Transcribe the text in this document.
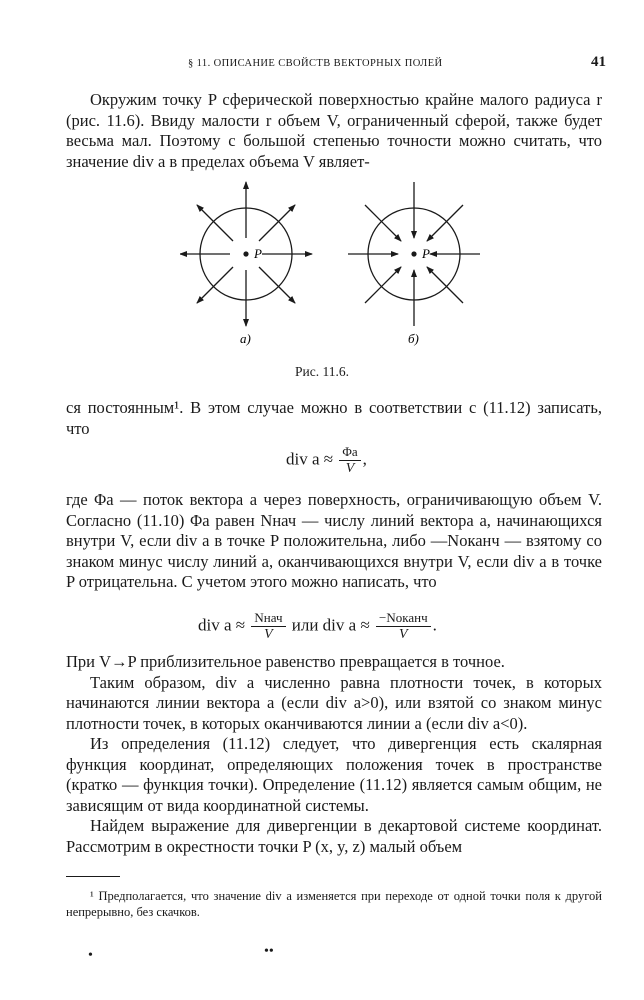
§ 11. ОПИСАНИЕ СВОЙСТВ ВЕКТОРНЫХ ПОЛЕЙ	41

Окружим точку P сферической поверхностью крайне малого радиуса r (рис. 11.6). Ввиду малости r объем V, ограниченный сферой, также будет весьма мал. Поэтому с большой степенью точности можно считать, что значение div a в пределах объема V являет-

P
а)
P
б)
Рис. 11.6.

ся постоянным¹. В этом случае можно в соответствии с (11.12) записать, что

div $a \approx \frac{\Phi a}{V}$ ,

где Φa — поток вектора a через поверхность, ограничивающую объем V. Согласно (11.10) Φa равен Nнач — числу линий вектора a, начинающихся внутри V, если div a в точке P положительна, либо —Nоканч — взятому со знаком минус числу линий a, оканчивающихся внутри V, если div a в точке P отрицательна. С учетом этого можно написать, что

div $a \approx \frac{\text{Nнач}}{V}$ или div $a \approx \frac{\text{−Nоканч}}{V}$ .

При V→P приблизительное равенство превращается в точное.

Таким образом, div a численно равна плотности точек, в которых начинаются линии вектора a (если div a>0), или взятой со знаком минус плотности точек, в которых оканчиваются линии a (если div a<0).

Из определения (11.12) следует, что дивергенция есть скалярная функция координат, определяющих положения точек в пространстве (кратко — функция точки). Определение (11.12) является самым общим, не зависящим от вида координатной системы.

Найдем выражение для дивергенции в декартовой системе координат. Рассмотрим в окрестности точки P (x, y, z) малый объем

¹ Предполагается, что значение div a изменяется при переходе от одной точки поля к другой непрерывно, без скачков.

•	••
